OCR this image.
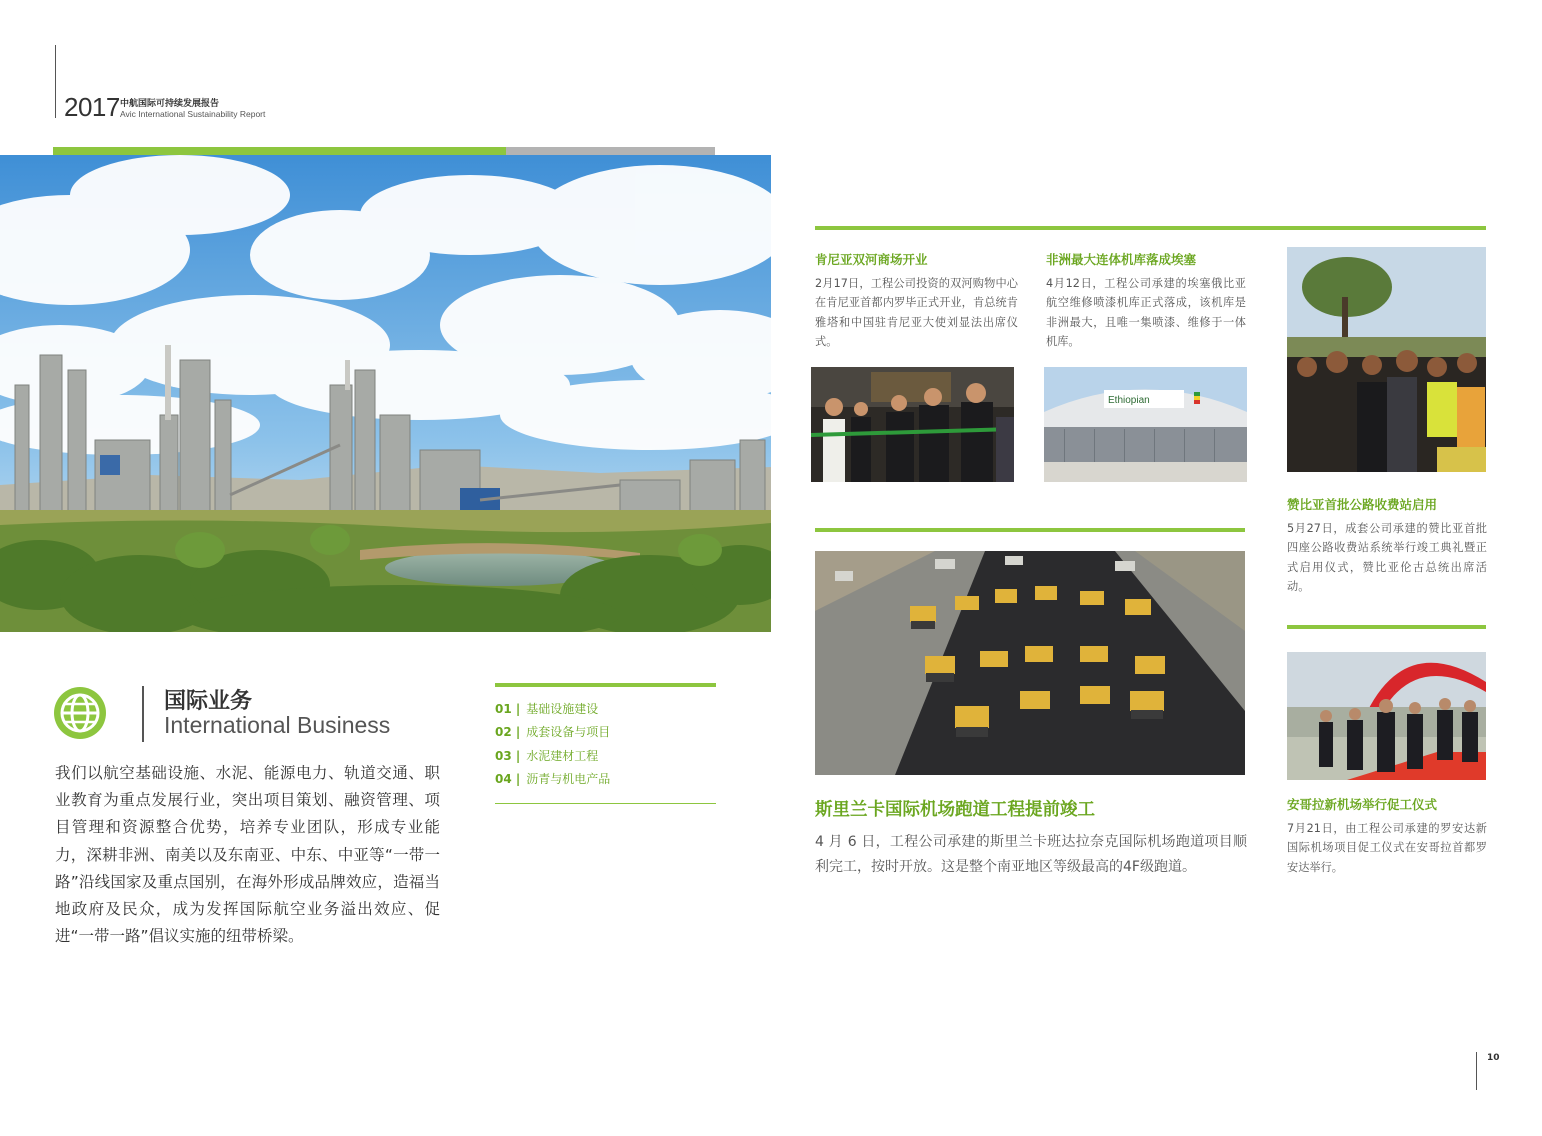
2017 中航国际可持续发展报告
Avic International Sustainability Report
国际业务
International Business
我们以航空基础设施、水泥、能源电力、轨道交通、职业教育为重点发展行业，突出项目策划、融资管理、项目管理和资源整合优势，培养专业团队，形成专业能力，深耕非洲、南美以及东南亚、中东、中亚等“一带一路”沿线国家及重点国别，在海外形成品牌效应，造福当地政府及民众，成为发挥国际航空业务溢出效应、促进“一带一路”倡议实施的纽带桥梁。
01 | 基础设施建设
02 | 成套设备与项目
03 | 水泥建材工程
04 | 沥青与机电产品
肯尼亚双河商场开业
2月17日，工程公司投资的双河购物中心在肯尼亚首都内罗毕正式开业，肯总统肯雅塔和中国驻肯尼亚大使刘显法出席仪式。
非洲最大连体机库落成埃塞
4月12日，工程公司承建的埃塞俄比亚航空维修喷漆机库正式落成，该机库是非洲最大，且唯一集喷漆、维修于一体机库。
Ethiopian
赞比亚首批公路收费站启用
5月27日，成套公司承建的赞比亚首批四座公路收费站系统举行竣工典礼暨正式启用仪式，赞比亚伦古总统出席活动。
斯里兰卡国际机场跑道工程提前竣工
4 月 6 日，工程公司承建的斯里兰卡班达拉奈克国际机场跑道项目顺利完工，按时开放。这是整个南亚地区等级最高的4F级跑道。
安哥拉新机场举行促工仪式
7月21日，由工程公司承建的罗安达新国际机场项目促工仪式在安哥拉首都罗安达举行。
10
